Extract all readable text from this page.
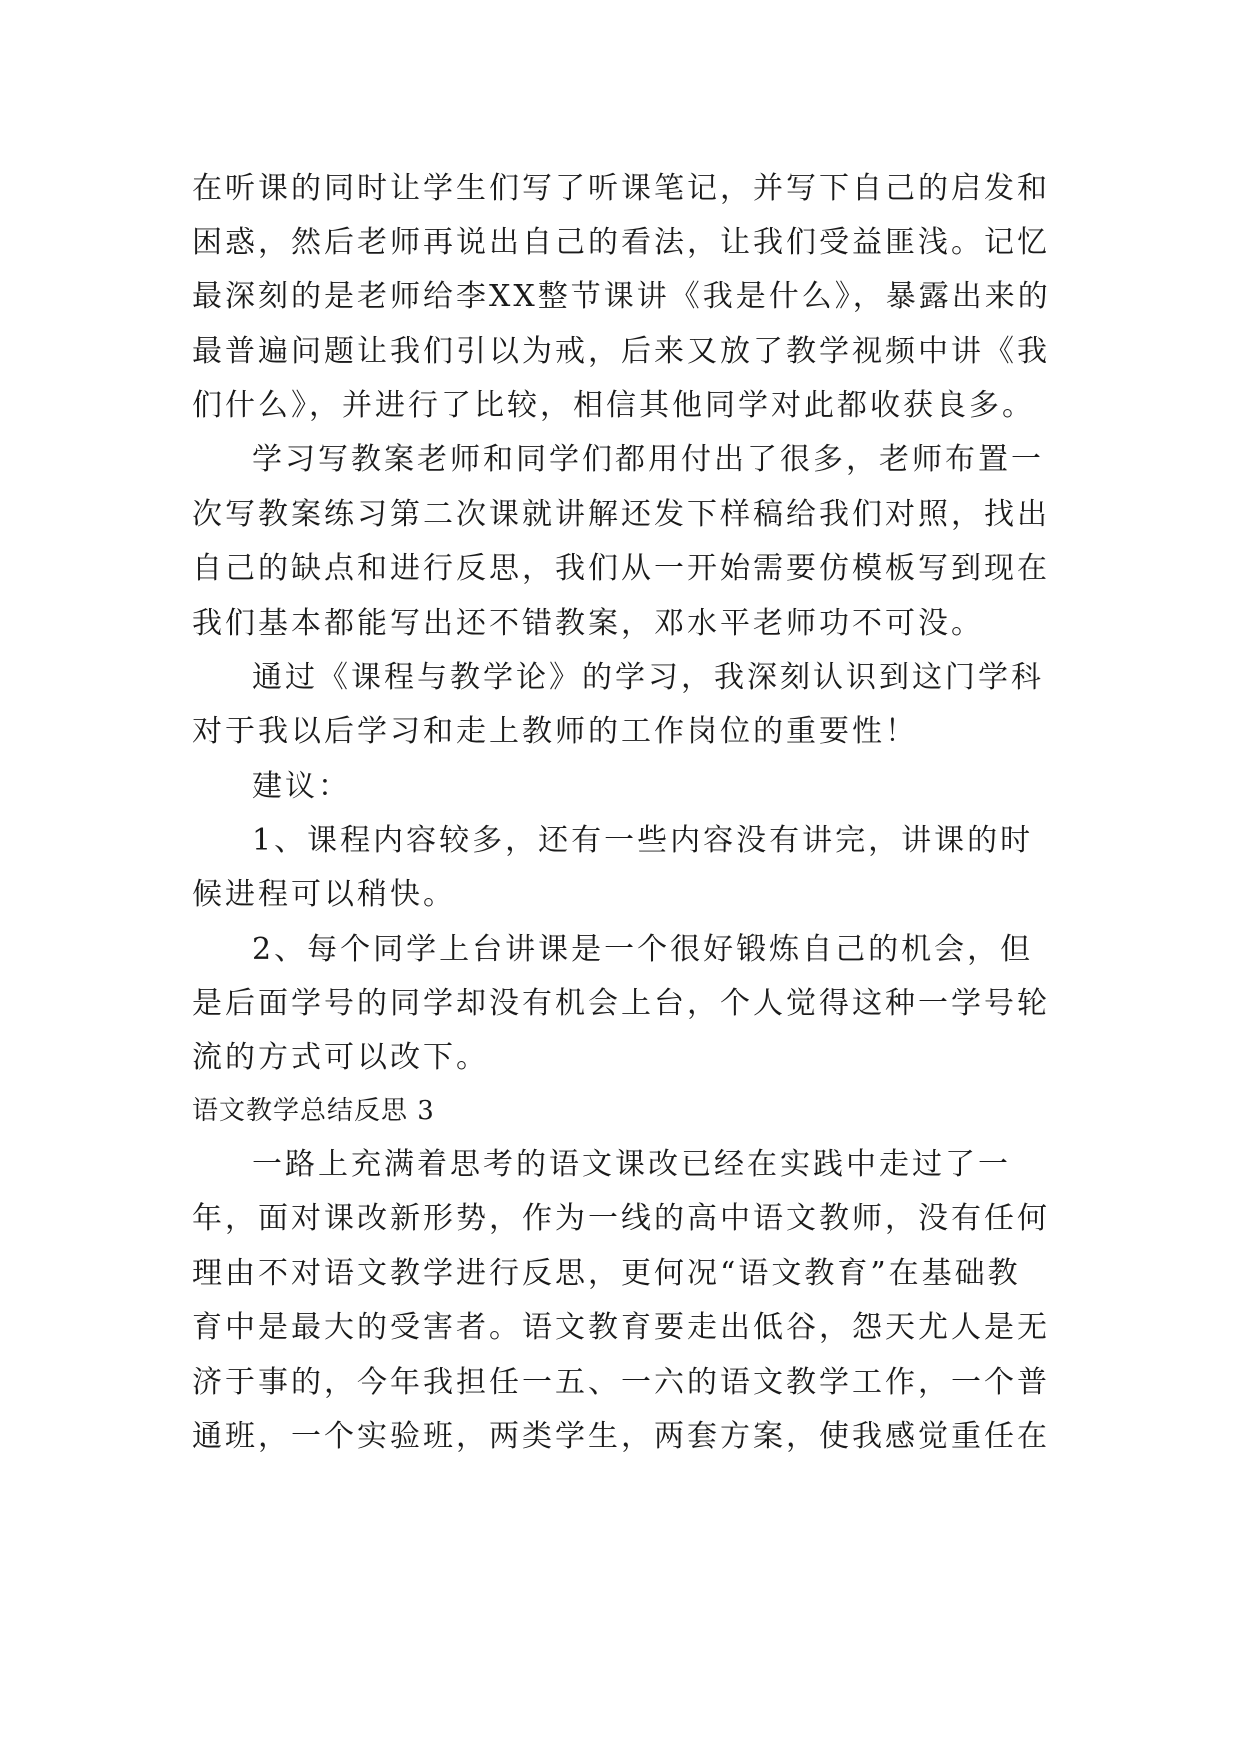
在听课的同时让学生们写了听课笔记，并写下自己的启发和
困惑，然后老师再说出自己的看法，让我们受益匪浅。记忆
最深刻的是老师给李XX整节课讲《我是什么》，暴露出来的
最普遍问题让我们引以为戒，后来又放了教学视频中讲《我
们什么》，并进行了比较，相信其他同学对此都收获良多。
学习写教案老师和同学们都用付出了很多，老师布置一
次写教案练习第二次课就讲解还发下样稿给我们对照，找出
自己的缺点和进行反思，我们从一开始需要仿模板写到现在
我们基本都能写出还不错教案，邓水平老师功不可没。
通过《课程与教学论》的学习，我深刻认识到这门学科
对于我以后学习和走上教师的工作岗位的重要性！
建议：
1、课程内容较多，还有一些内容没有讲完，讲课的时
候进程可以稍快。
2、每个同学上台讲课是一个很好锻炼自己的机会，但
是后面学号的同学却没有机会上台，个人觉得这种一学号轮
流的方式可以改下。
语文教学总结反思 3
一路上充满着思考的语文课改已经在实践中走过了一
年，面对课改新形势，作为一线的高中语文教师，没有任何
理由不对语文教学进行反思，更何况“语文教育”在基础教
育中是最大的受害者。语文教育要走出低谷，怨天尤人是无
济于事的，今年我担任一五、一六的语文教学工作，一个普
通班，一个实验班，两类学生，两套方案，使我感觉重任在
